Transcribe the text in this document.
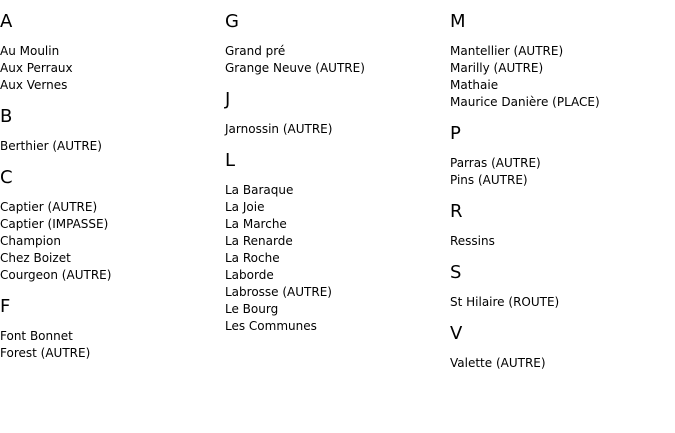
A
Au Moulin
Aux Perraux
Aux Vernes
B
Berthier (AUTRE)
C
Captier (AUTRE)
Captier (IMPASSE)
Champion
Chez Boizet
Courgeon (AUTRE)
F
Font Bonnet
Forest (AUTRE)
G
Grand pré
Grange Neuve (AUTRE)
J
Jarnossin (AUTRE)
L
La Baraque
La Joie
La Marche
La Renarde
La Roche
Laborde
Labrosse (AUTRE)
Le Bourg
Les Communes
M
Mantellier (AUTRE)
Marilly (AUTRE)
Mathaie
Maurice Danière (PLACE)
P
Parras (AUTRE)
Pins (AUTRE)
R
Ressins
S
St Hilaire (ROUTE)
V
Valette (AUTRE)
